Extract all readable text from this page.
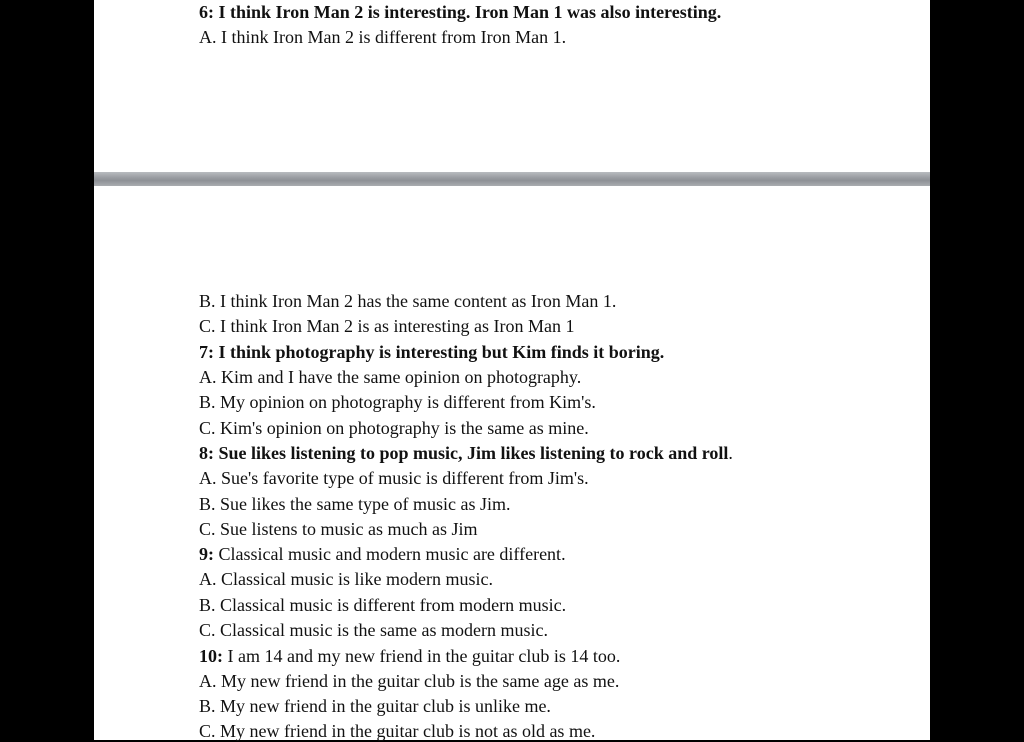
6: I think Iron Man 2 is interesting. Iron Man 1 was also interesting.
A. I think Iron Man 2 is different from Iron Man 1.
B. I think Iron Man 2 has the same content as Iron Man 1.
C. I think Iron Man 2 is as interesting as Iron Man 1
7: I think photography is interesting but Kim finds it boring.
A. Kim and I have the same opinion on photography.
B. My opinion on photography is different from Kim's.
C. Kim's opinion on photography is the same as mine.
8: Sue likes listening to pop music, Jim likes listening to rock and roll.
A. Sue's favorite type of music is different from Jim's.
B. Sue likes the same type of music as Jim.
C. Sue listens to music as much as Jim
9: Classical music and modern music are different.
A. Classical music is like modern music.
B. Classical music is different from modern music.
C. Classical music is the same as modern music.
10: I am 14 and my new friend in the guitar club is 14 too.
A. My new friend in the guitar club is the same age as me.
B. My new friend in the guitar club is unlike me.
C. My new friend in the guitar club is not as old as me.
